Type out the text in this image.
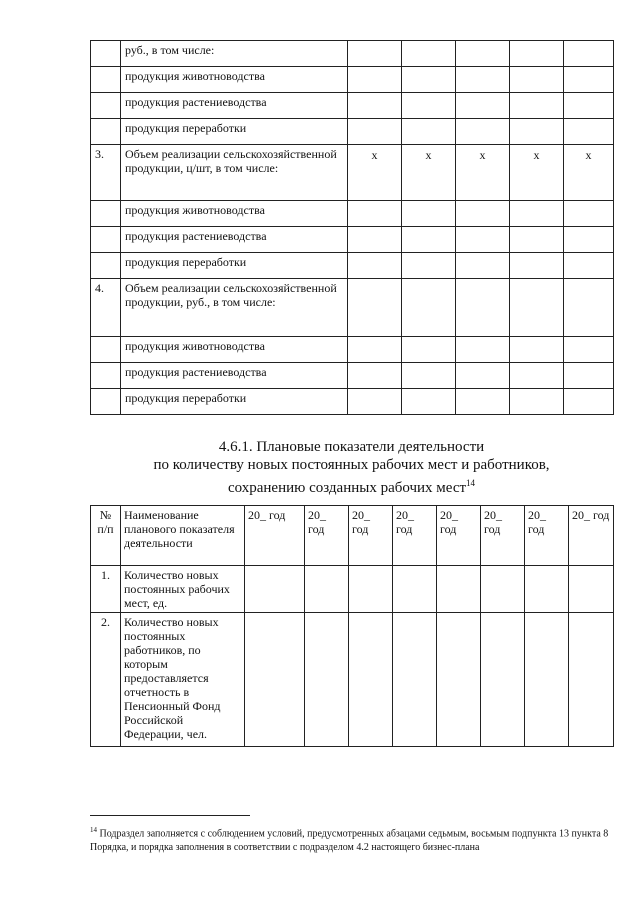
	руб., в том числе:					
	продукция животноводства					
	продукция растениеводства					
	продукция переработки					
3.	Объем реализации сельскохозяйственной продукции, ц/шт, в том числе:	x	x	x	x	x
	продукция животноводства					
	продукция растениеводства					
	продукция переработки					
4.	Объем реализации сельскохозяйственной продукции, руб., в том числе:					
	продукция животноводства					
	продукция растениеводства					
	продукция переработки					
4.6.1. Плановые показатели деятельности
по количеству новых постоянных рабочих мест и работников,
сохранению созданных рабочих мест$^{14}$
№ п/п	Наименование планового показателя деятельности	20_ год	20_ год	20_ год	20_ год	20_ год	20_ год	20_ год	20_ год
1.	Количество новых постоянных рабочих мест, ед.								
2.	Количество новых постоянных работников, по которым предоставляется отчетность в Пенсионный Фонд Российской Федерации, чел.								
$^{14}$ Подраздел заполняется с соблюдением условий, предусмотренных абзацами седьмым, восьмым подпункта 13 пункта 8 Порядка, и порядка заполнения в соответствии с подразделом 4.2 настоящего бизнес-плана
